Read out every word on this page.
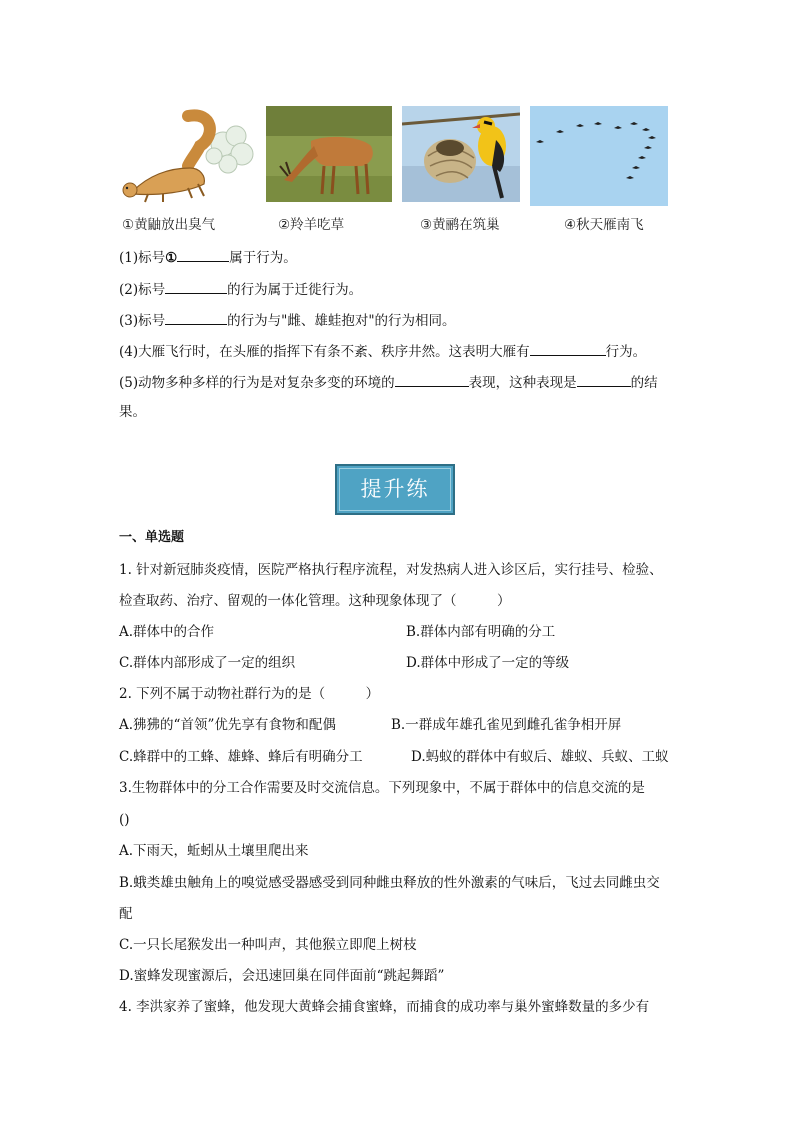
①黄鼬放出臭气	②羚羊吃草	③黄鹂在筑巢	④秋天雁南飞
(1)标号①	属于行为。
(2)标号	的行为属于迁徙行为。
(3)标号	的行为与"雌、雄蛙抱对"的行为相同。
(4)大雁飞行时，在头雁的指挥下有条不紊、秩序井然。这表明大雁有	行为。
(5)动物多种多样的行为是对复杂多变的环境的	表现，这种表现是	的结
果。
提升练
一、单选题
1. 针对新冠肺炎疫情，医院严格执行程序流程，对发热病人进入诊区后，实行挂号、检验、
检查取药、治疗、留观的一体化管理。这种现象体现了（　　　）
A.群体中的合作	B.群体内部有明确的分工
C.群体内部形成了一定的组织	D.群体中形成了一定的等级
2. 下列不属于动物社群行为的是（　　　）
A.狒狒的“首领”优先享有食物和配偶	B.一群成年雄孔雀见到雌孔雀争相开屏
C.蜂群中的工蜂、雄蜂、蜂后有明确分工	D.蚂蚁的群体中有蚁后、雄蚁、兵蚁、工蚁
3.生物群体中的分工合作需要及时交流信息。下列现象中，不属于群体中的信息交流的是
()
A.下雨天，蚯蚓从土壤里爬出来
B.蛾类雄虫触角上的嗅觉感受器感受到同种雌虫释放的性外激素的气味后，飞过去同雌虫交
配
C.一只长尾猴发出一种叫声，其他猴立即爬上树枝
D.蜜蜂发现蜜源后，会迅速回巢在同伴面前“跳起舞蹈”
4. 李洪家养了蜜蜂，他发现大黄蜂会捕食蜜蜂，而捕食的成功率与巢外蜜蜂数量的多少有
